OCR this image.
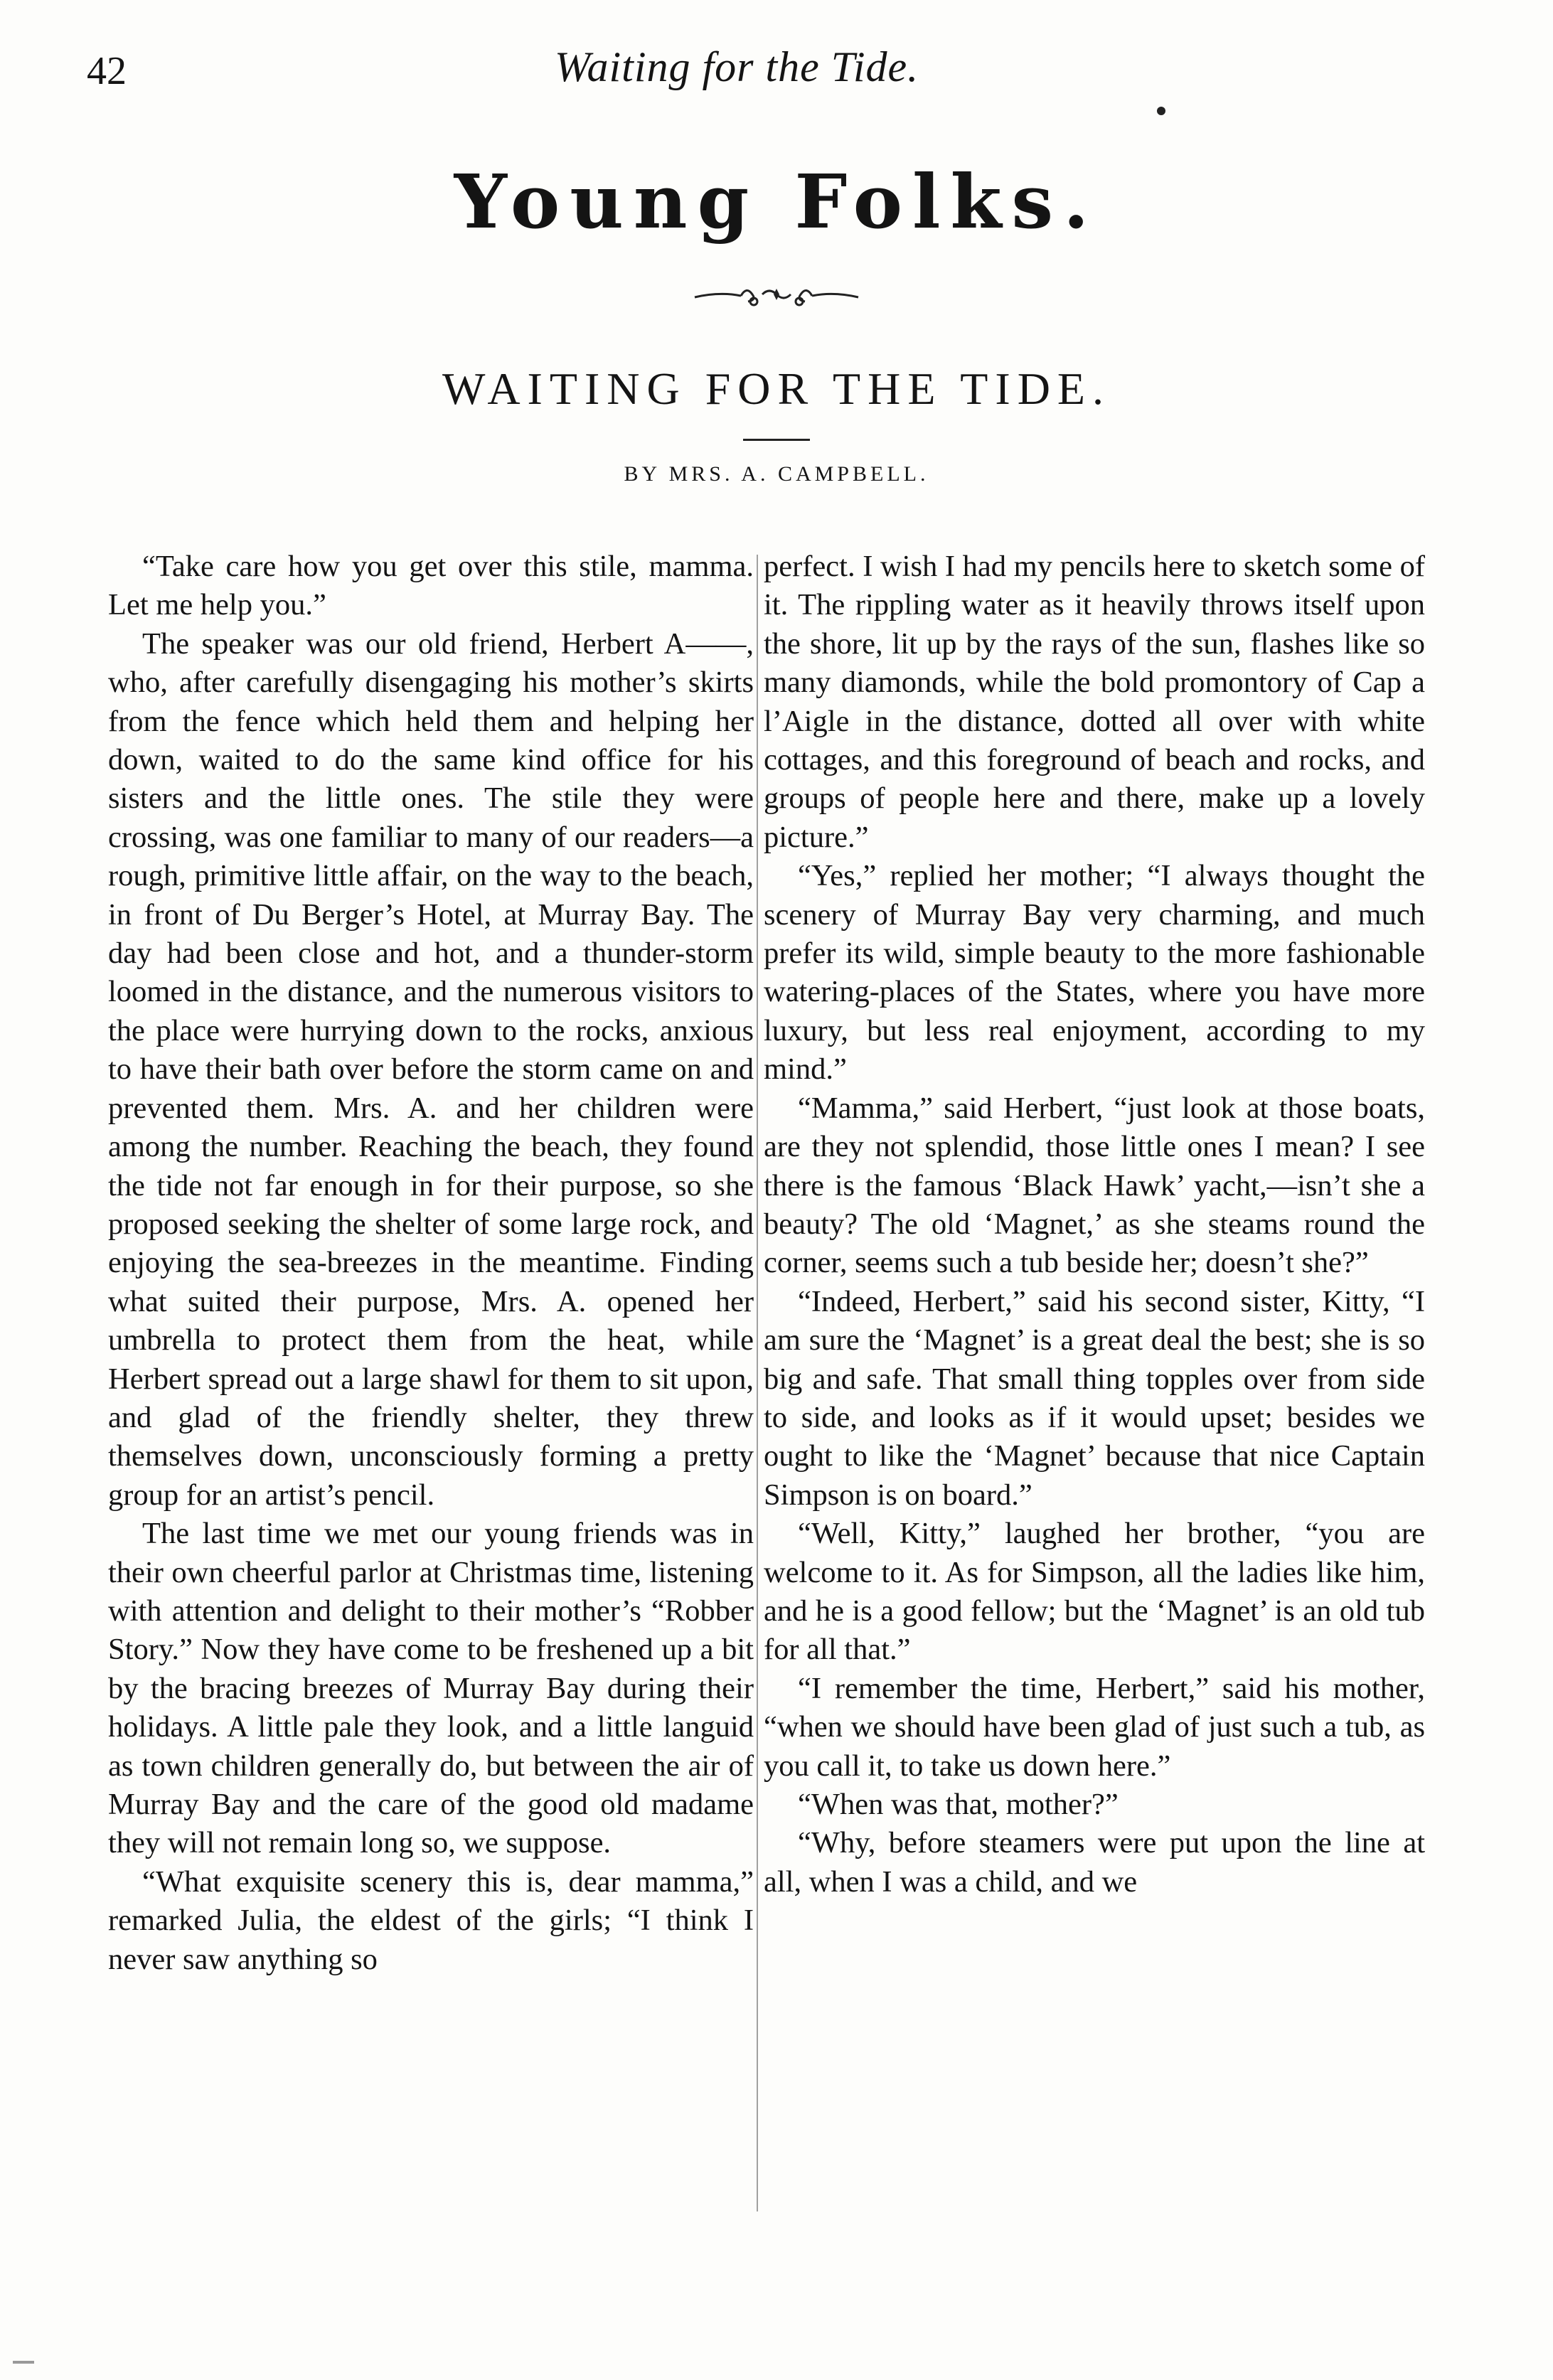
42	Waiting for the Tide.
Young Folks.
WAITING FOR THE TIDE.
BY MRS. A. CAMPBELL.

“Take care how you get over this stile, mamma. Let me help you.”

The speaker was our old friend, Herbert A——, who, after carefully disengaging his mother’s skirts from the fence which held them and helping her down, waited to do the same kind office for his sisters and the little ones. The stile they were crossing, was one familiar to many of our readers—a rough, primitive little affair, on the way to the beach, in front of Du Berger’s Hotel, at Murray Bay. The day had been close and hot, and a thunder-storm loomed in the distance, and the numerous visitors to the place were hurrying down to the rocks, anxious to have their bath over before the storm came on and prevented them. Mrs. A. and her children were among the number. Reaching the beach, they found the tide not far enough in for their purpose, so she proposed seeking the shelter of some large rock, and enjoying the sea-breezes in the meantime. Finding what suited their purpose, Mrs. A. opened her umbrella to protect them from the heat, while Herbert spread out a large shawl for them to sit upon, and glad of the friendly shelter, they threw themselves down, unconsciously forming a pretty group for an artist’s pencil.

The last time we met our young friends was in their own cheerful parlor at Christmas time, listening with attention and delight to their mother’s “Robber Story.” Now they have come to be freshened up a bit by the bracing breezes of Murray Bay during their holidays. A little pale they look, and a little languid as town children generally do, but between the air of Murray Bay and the care of the good old madame they will not remain long so, we suppose.

“What exquisite scenery this is, dear mamma,” remarked Julia, the eldest of the girls; “I think I never saw anything so

perfect. I wish I had my pencils here to sketch some of it. The rippling water as it heavily throws itself upon the shore, lit up by the rays of the sun, flashes like so many diamonds, while the bold promontory of Cap a l’Aigle in the distance, dotted all over with white cottages, and this foreground of beach and rocks, and groups of people here and there, make up a lovely picture.”

“Yes,” replied her mother; “I always thought the scenery of Murray Bay very charming, and much prefer its wild, simple beauty to the more fashionable watering-places of the States, where you have more luxury, but less real enjoyment, according to my mind.”

“Mamma,” said Herbert, “just look at those boats, are they not splendid, those little ones I mean? I see there is the famous ‘Black Hawk’ yacht,—isn’t she a beauty? The old ‘Magnet,’ as she steams round the corner, seems such a tub beside her; doesn’t she?”

“Indeed, Herbert,” said his second sister, Kitty, “I am sure the ‘Magnet’ is a great deal the best; she is so big and safe. That small thing topples over from side to side, and looks as if it would upset; besides we ought to like the ‘Magnet’ because that nice Captain Simpson is on board.”

“Well, Kitty,” laughed her brother, “you are welcome to it. As for Simpson, all the ladies like him, and he is a good fellow; but the ‘Magnet’ is an old tub for all that.”

“I remember the time, Herbert,” said his mother, “when we should have been glad of just such a tub, as you call it, to take us down here.”

“When was that, mother?”

“Why, before steamers were put upon the line at all, when I was a child, and we
